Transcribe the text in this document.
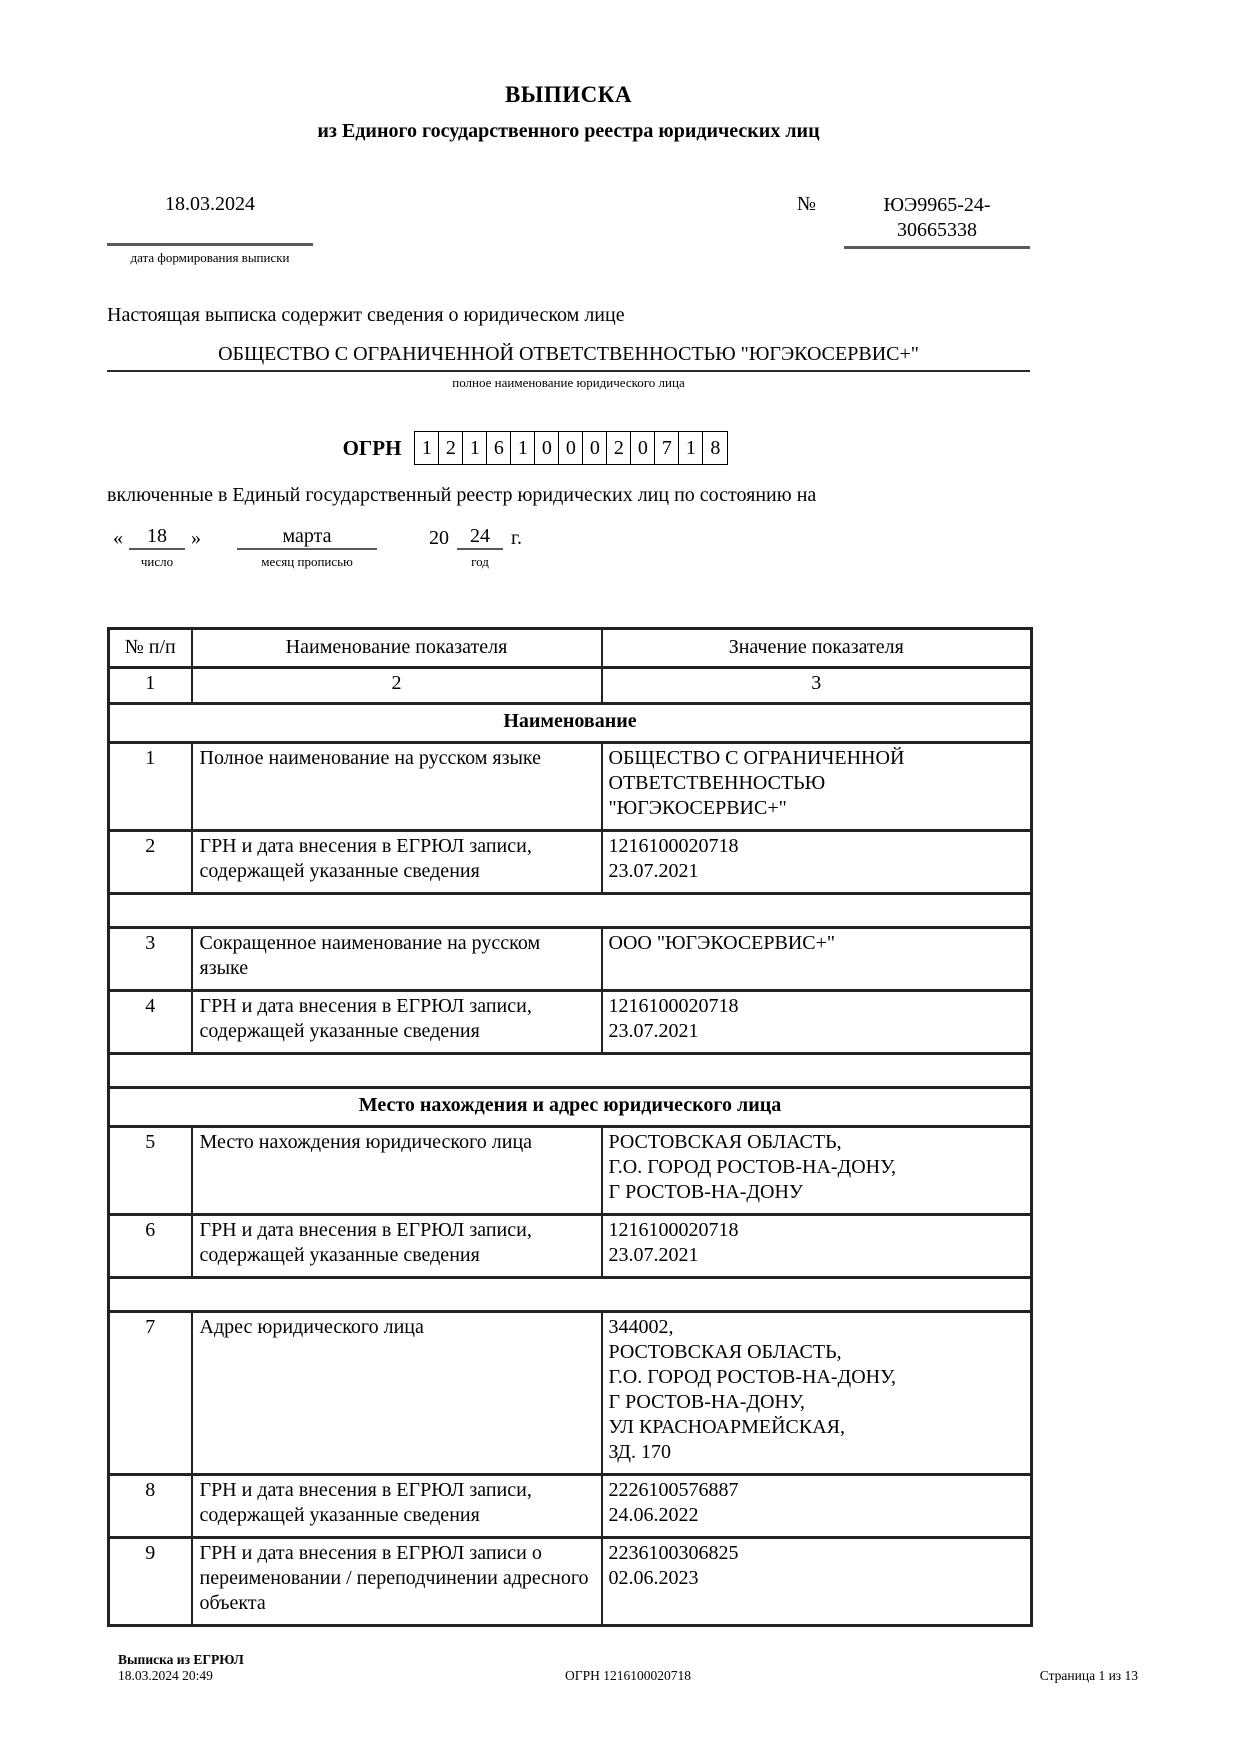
ВЫПИСКА
из Единого государственного реестра юридических лиц
18.03.2024
дата формирования выписки
№	ЮЭ9965-24-
30665338
Настоящая выписка содержит сведения о юридическом лице
ОБЩЕСТВО С ОГРАНИЧЕННОЙ ОТВЕТСТВЕННОСТЬЮ "ЮГЭКОСЕРВИС+"
полное наименование юридического лица
ОГРН	1 2 1 6 1 0 0 0 2 0 7 1 8
включенные в Единый государственный реестр юридических лиц по состоянию на
«	18
число
»	марта
месяц прописью
20	24
год
г.
№ п/п	Наименование показателя	Значение показателя
1	2	3
Наименование		
1	Полное наименование на русском языке	ОБЩЕСТВО С ОГРАНИЧЕННОЙ
ОТВЕТСТВЕННОСТЬЮ
"ЮГЭКОСЕРВИС+"

2	ГРН и дата внесения в ЕГРЮЛ записи, содержащей указанные сведения	1216100020718
23.07.2021

3	Сокращенное наименование на русском языке	ООО "ЮГЭКОСЕРВИС+"

4	ГРН и дата внесения в ЕГРЮЛ записи, содержащей указанные сведения	1216100020718
23.07.2021

Место нахождения и адрес юридического лица		
5	Место нахождения юридического лица	РОСТОВСКАЯ ОБЛАСТЬ,
Г.О. ГОРОД РОСТОВ-НА-ДОНУ,
Г РОСТОВ-НА-ДОНУ

6	ГРН и дата внесения в ЕГРЮЛ записи, содержащей указанные сведения	1216100020718
23.07.2021

7	Адрес юридического лица	344002,
РОСТОВСКАЯ ОБЛАСТЬ,
Г.О. ГОРОД РОСТОВ-НА-ДОНУ,
Г РОСТОВ-НА-ДОНУ,
УЛ КРАСНОАРМЕЙСКАЯ,
ЗД. 170

8	ГРН и дата внесения в ЕГРЮЛ записи, содержащей указанные сведения	2226100576887
24.06.2022

9	ГРН и дата внесения в ЕГРЮЛ записи о переименовании / переподчинении адресного объекта	2236100306825
02.06.2023
Выписка из ЕГРЮЛ
18.03.2024 20:49	ОГРН 1216100020718	Страница 1 из 13
